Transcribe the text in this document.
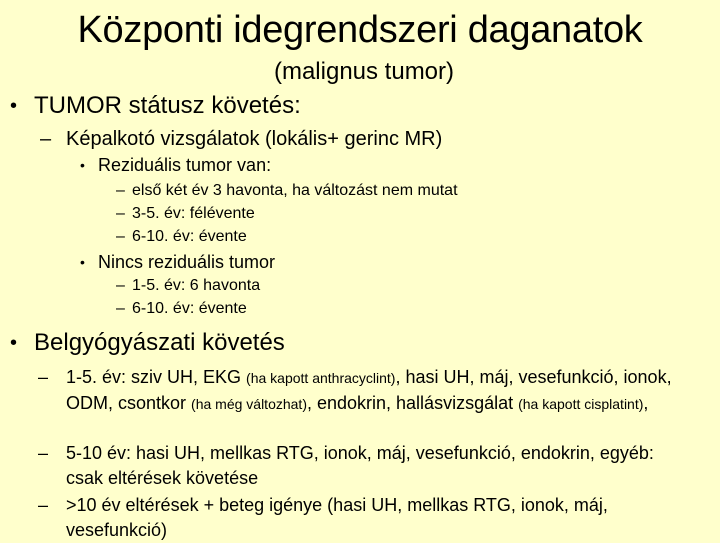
Központi idegrendszeri daganatok
(malignus tumor)
• TUMOR státusz követés:
– Képalkotó vizsgálatok (lokális+ gerinc MR)
• Reziduális tumor van:
– első két év 3 havonta, ha változást nem mutat
– 3-5. év: félévente
– 6-10. év: évente
• Nincs reziduális tumor
– 1-5. év: 6 havonta
– 6-10. év: évente
• Belgyógyászati követés
– 1-5. év: sziv UH, EKG (ha kapott anthracyclint), hasi UH, máj, vesefunkció, ionok, ODM, csontkor (ha még változhat), endokrin, hallásvizsgálat (ha kapott cisplatint),
– 5-10 év: hasi UH, mellkas RTG, ionok, máj, vesefunkció, endokrin, egyéb: csak eltérések követése
– >10 év eltérések + beteg igénye (hasi UH, mellkas RTG, ionok, máj, vesefunkció)
